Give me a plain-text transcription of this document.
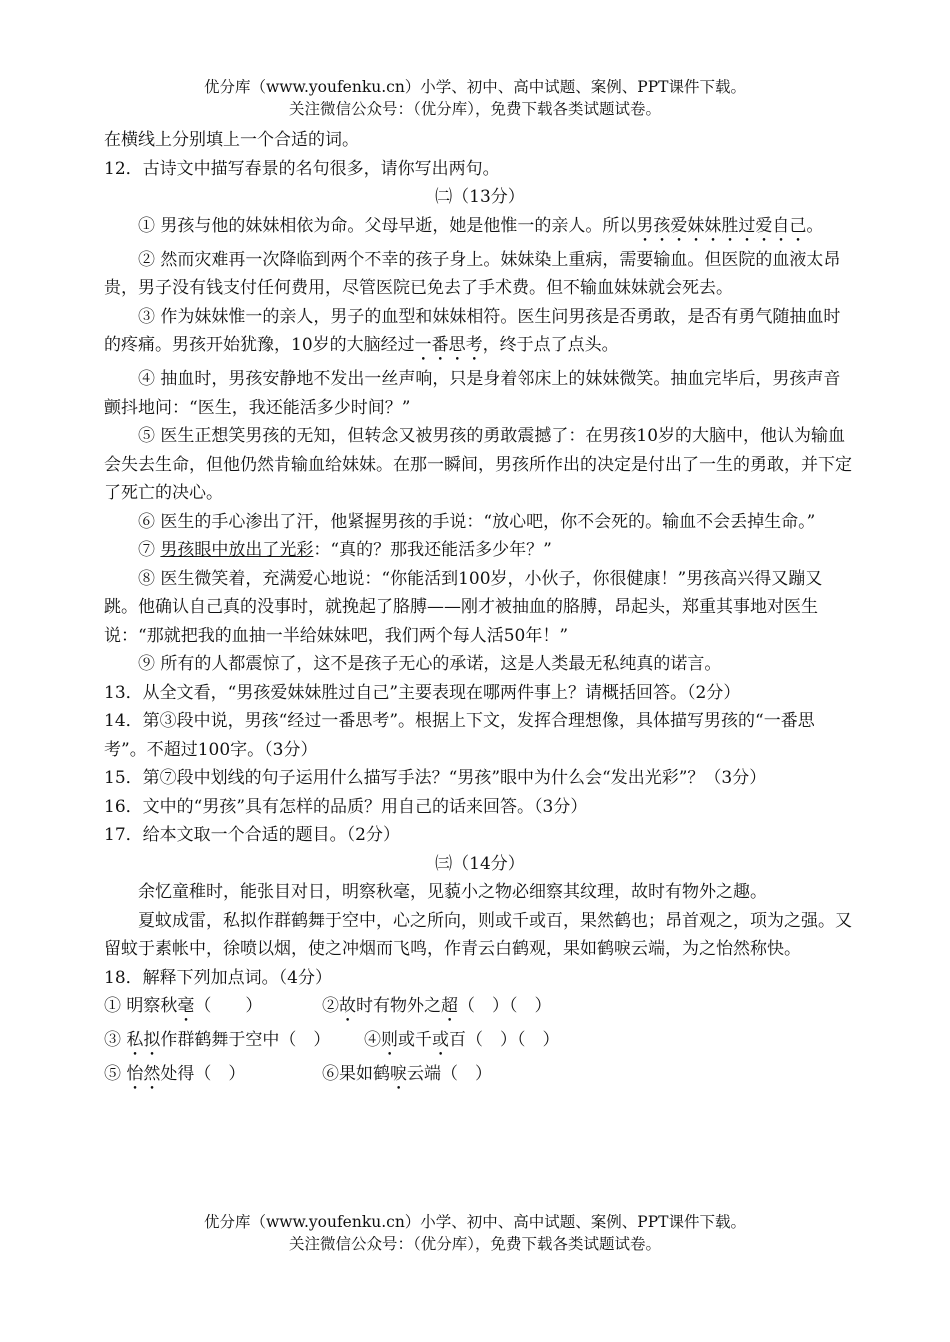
优分库（www.youfenku.cn）小学、初中、高中试题、案例、PPT课件下载。
关注微信公众号：（优分库），免费下载各类试题试卷。

在横线上分别填上一个合适的词。

12．古诗文中描写春景的名句很多，请你写出两句。

㈡（13分）

① 男孩与他的妹妹相依为命。父母早逝，她是他惟一的亲人。所以男孩爱妹妹胜过爱自己。

② 然而灾难再一次降临到两个不幸的孩子身上。妹妹染上重病，需要输血。但医院的血液太昂贵，男子没有钱支付任何费用，尽管医院已免去了手术费。但不输血妹妹就会死去。

③ 作为妹妹惟一的亲人，男子的血型和妹妹相符。医生问男孩是否勇敢，是否有勇气随抽血时的疼痛。男孩开始犹豫，10岁的大脑经过一番思考，终于点了点头。

④ 抽血时，男孩安静地不发出一丝声响，只是身着邻床上的妹妹微笑。抽血完毕后，男孩声音颤抖地问：“医生，我还能活多少时间？”

⑤ 医生正想笑男孩的无知，但转念又被男孩的勇敢震撼了：在男孩10岁的大脑中，他认为输血会失去生命，但他仍然肯输血给妹妹。在那一瞬间，男孩所作出的决定是付出了一生的勇敢，并下定了死亡的决心。

⑥ 医生的手心渗出了汗，他紧握男孩的手说：“放心吧，你不会死的。输血不会丢掉生命。”

⑦ 男孩眼中放出了光彩：“真的？那我还能活多少年？”

⑧ 医生微笑着，充满爱心地说：“你能活到100岁，小伙子，你很健康！”男孩高兴得又蹦又跳。他确认自己真的没事时，就挽起了胳膊——刚才被抽血的胳膊，昂起头，郑重其事地对医生说：“那就把我的血抽一半给妹妹吧，我们两个每人活50年！”

⑨ 所有的人都震惊了，这不是孩子无心的承诺，这是人类最无私纯真的诺言。

13．从全文看，“男孩爱妹妹胜过自己”主要表现在哪两件事上？请概括回答。（2分）

14．第③段中说，男孩“经过一番思考”。根据上下文，发挥合理想像，具体描写男孩的“一番思考”。不超过100字。（3分）

15．第⑦段中划线的句子运用什么描写手法？“男孩”眼中为什么会“发出光彩”？（3分）

16．文中的“男孩”具有怎样的品质？用自己的话来回答。（3分）

17．给本文取一个合适的题目。（2分）

㈢（14分）

余忆童稚时，能张目对日，明察秋毫，见藐小之物必细察其纹理，故时有物外之趣。

夏蚊成雷，私拟作群鹤舞于空中，心之所向，则或千或百，果然鹤也；昂首观之，项为之强。又留蚊于素帐中，徐喷以烟，使之冲烟而飞鸣，作青云白鹤观，果如鹤唳云端，为之怡然称快。

18．解释下列加点词。（4分）

① 明察秋毫（　　）	②故时有物外之超（　）（　）

③ 私拟作群鹤舞于空中（　） ④则或千或百（　）（　）

⑤ 怡然处得（　）	⑥果如鹤唳云端（　）

优分库（www.youfenku.cn）小学、初中、高中试题、案例、PPT课件下载。
关注微信公众号：（优分库），免费下载各类试题试卷。
